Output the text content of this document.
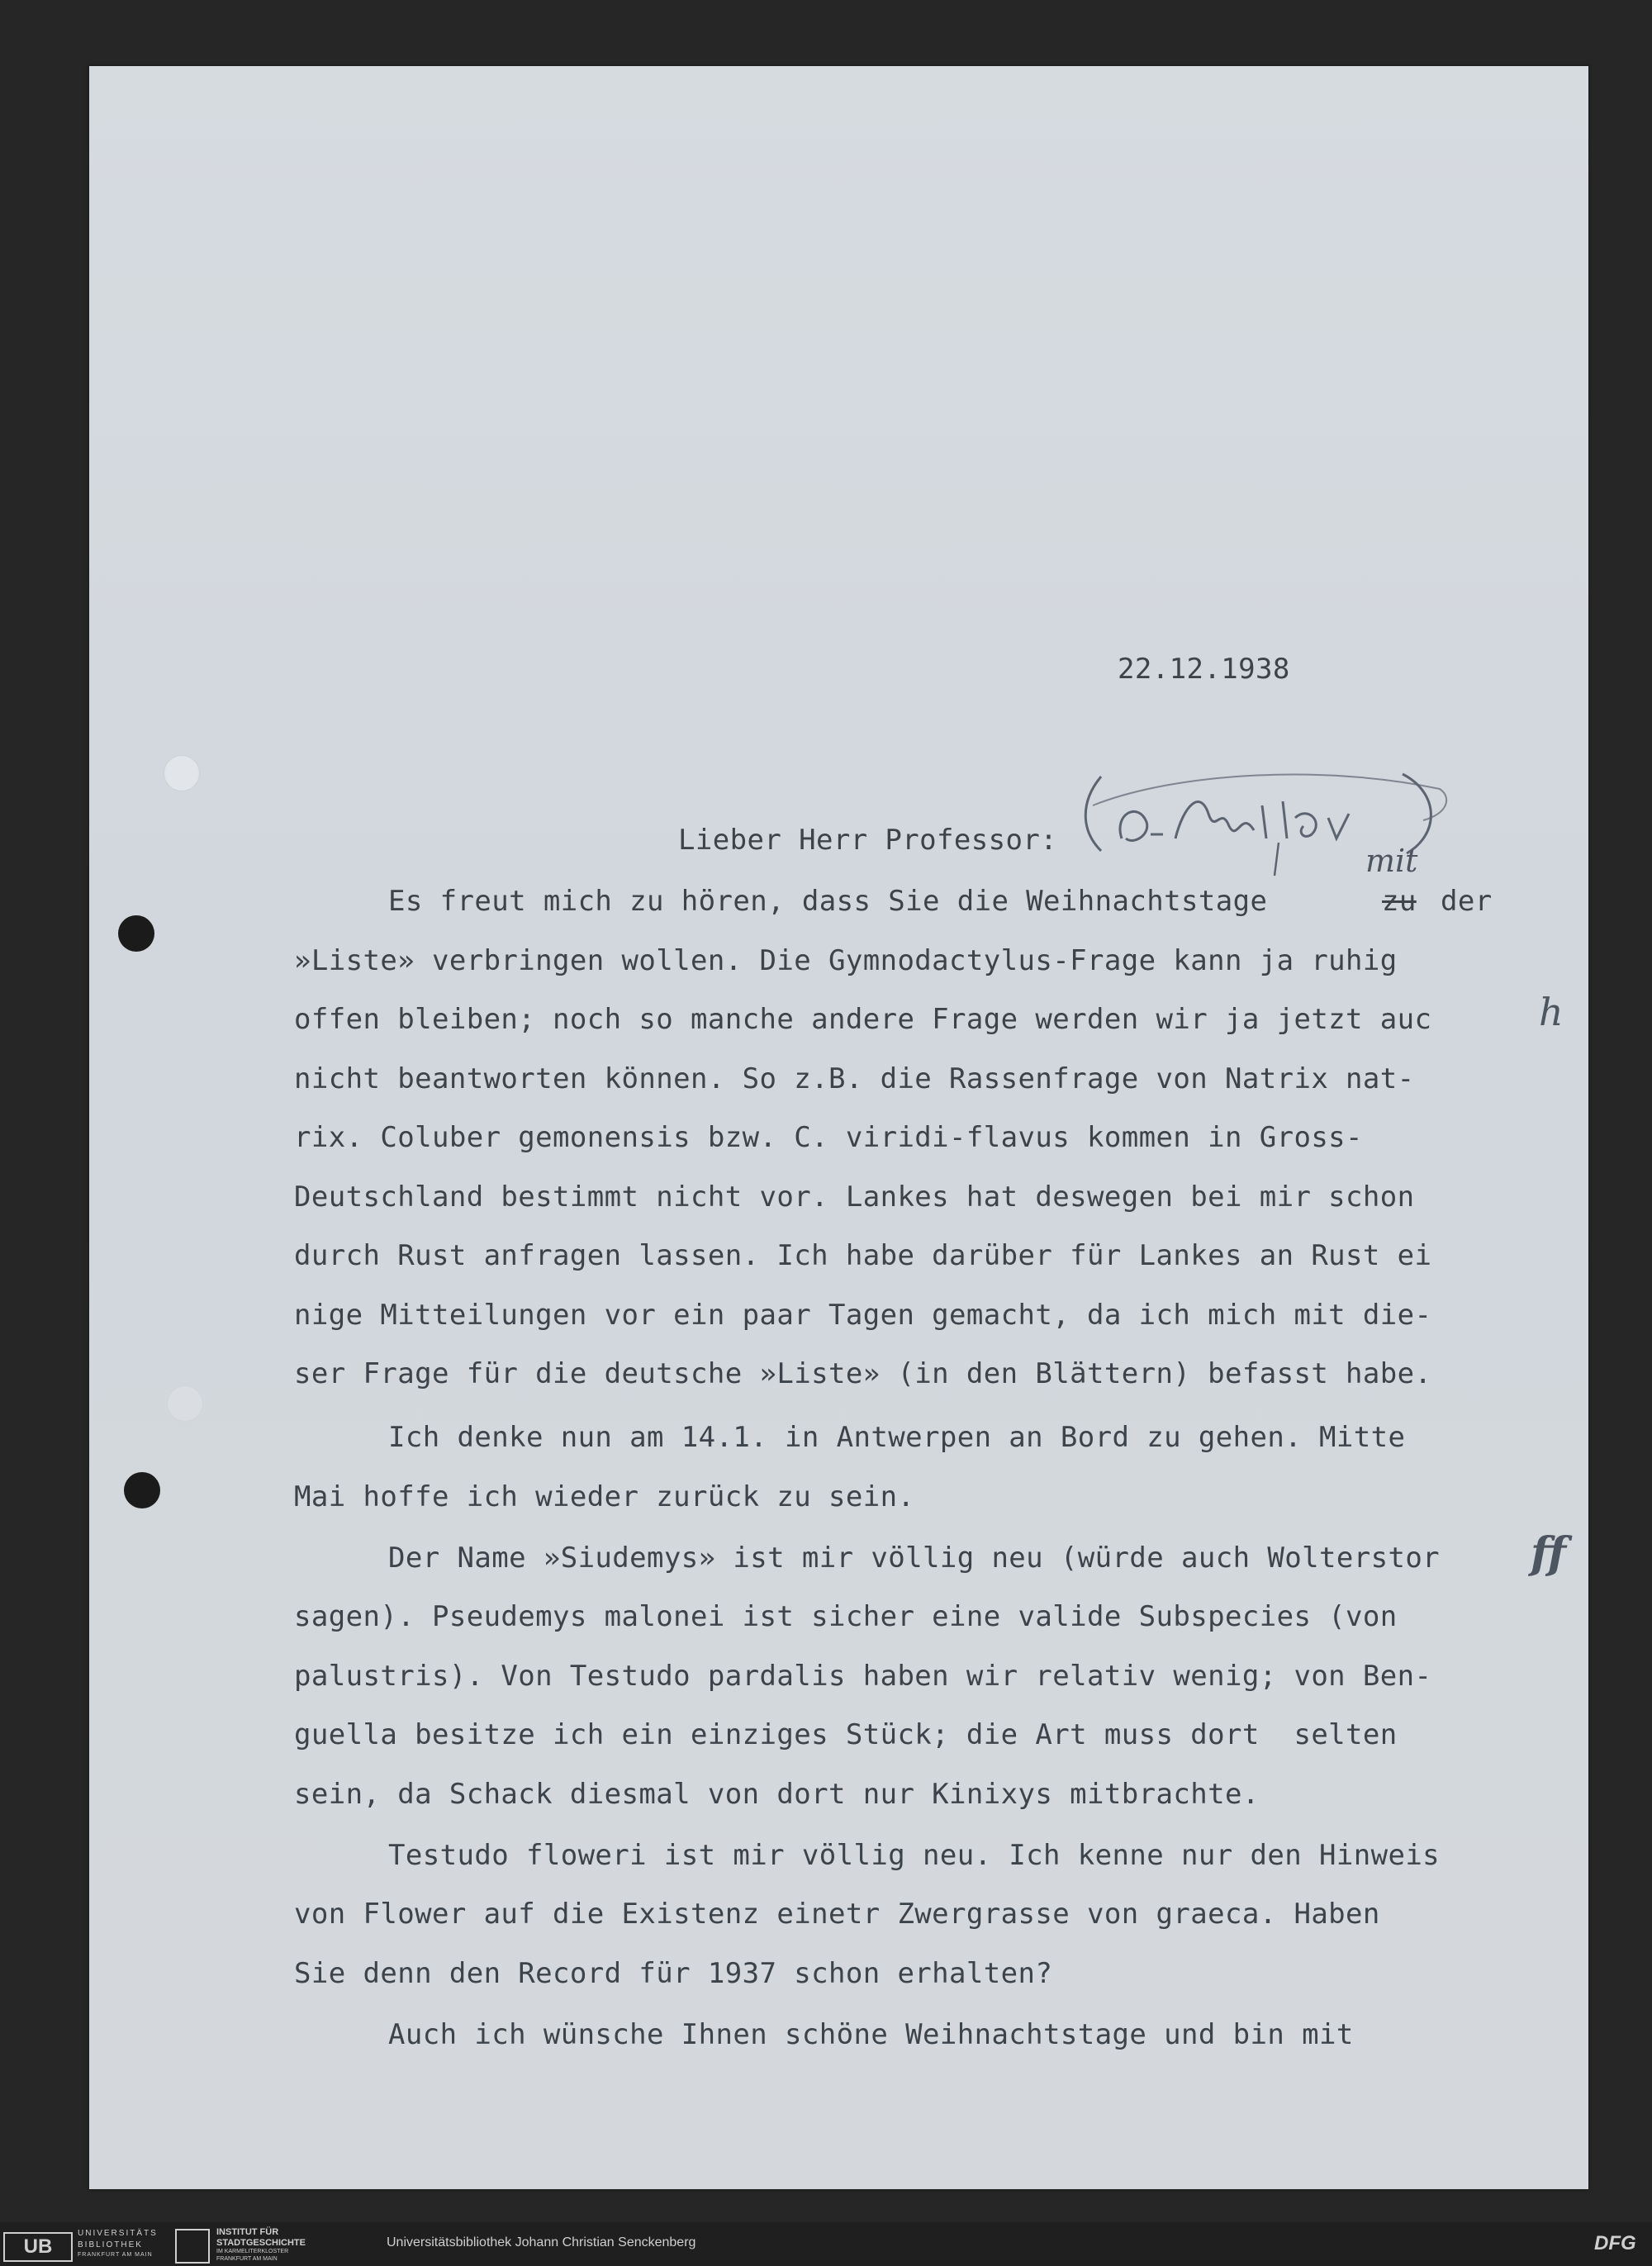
22.12.1938
Lieber Herr Professor:
Es freut mich zu hören, dass Sie die Weihnachtstage	zu der
mit
»Liste» verbringen wollen. Die Gymnodactylus-Frage kann ja ruhig
offen bleiben; noch so manche andere Frage werden wir ja jetzt auc	h
nicht beantworten können. So z.B. die Rassenfrage von Natrix nat-
rix. Coluber gemonensis bzw. C. viridi-flavus kommen in Gross-
Deutschland bestimmt nicht vor. Lankes hat deswegen bei mir schon
durch Rust anfragen lassen. Ich habe darüber für Lankes an Rust ei
nige Mitteilungen vor ein paar Tagen gemacht, da ich mich mit die-
ser Frage für die deutsche »Liste» (in den Blättern) befasst habe.
Ich denke nun am 14.1. in Antwerpen an Bord zu gehen. Mitte
Mai hoffe ich wieder zurück zu sein.
Der Name »Siudemys» ist mir völlig neu (würde auch Wolterstor ff
sagen). Pseudemys malonei ist sicher eine valide Subspecies (von
palustris). Von Testudo pardalis haben wir relativ wenig; von Ben-
guella besitze ich ein einziges Stück; die Art muss dort  selten
sein, da Schack diesmal von dort nur Kinixys mitbrachte.
Testudo floweri ist mir völlig neu. Ich kenne nur den Hinweis
von Flower auf die Existenz einetr Zwergrasse von graeca. Haben
Sie denn den Record für 1937 schon erhalten?
Auch ich wünsche Ihnen schöne Weihnachtstage und bin mit
UB
UNIVERSITÄTS
BIBLIOTHEK
FRANKFURT AM MAIN
INSTITUT FÜR
STADTGESCHICHTE
IM KARMELITERKLOSTER
FRANKFURT AM MAIN
Universitätsbibliothek Johann Christian Senckenberg	DFG
